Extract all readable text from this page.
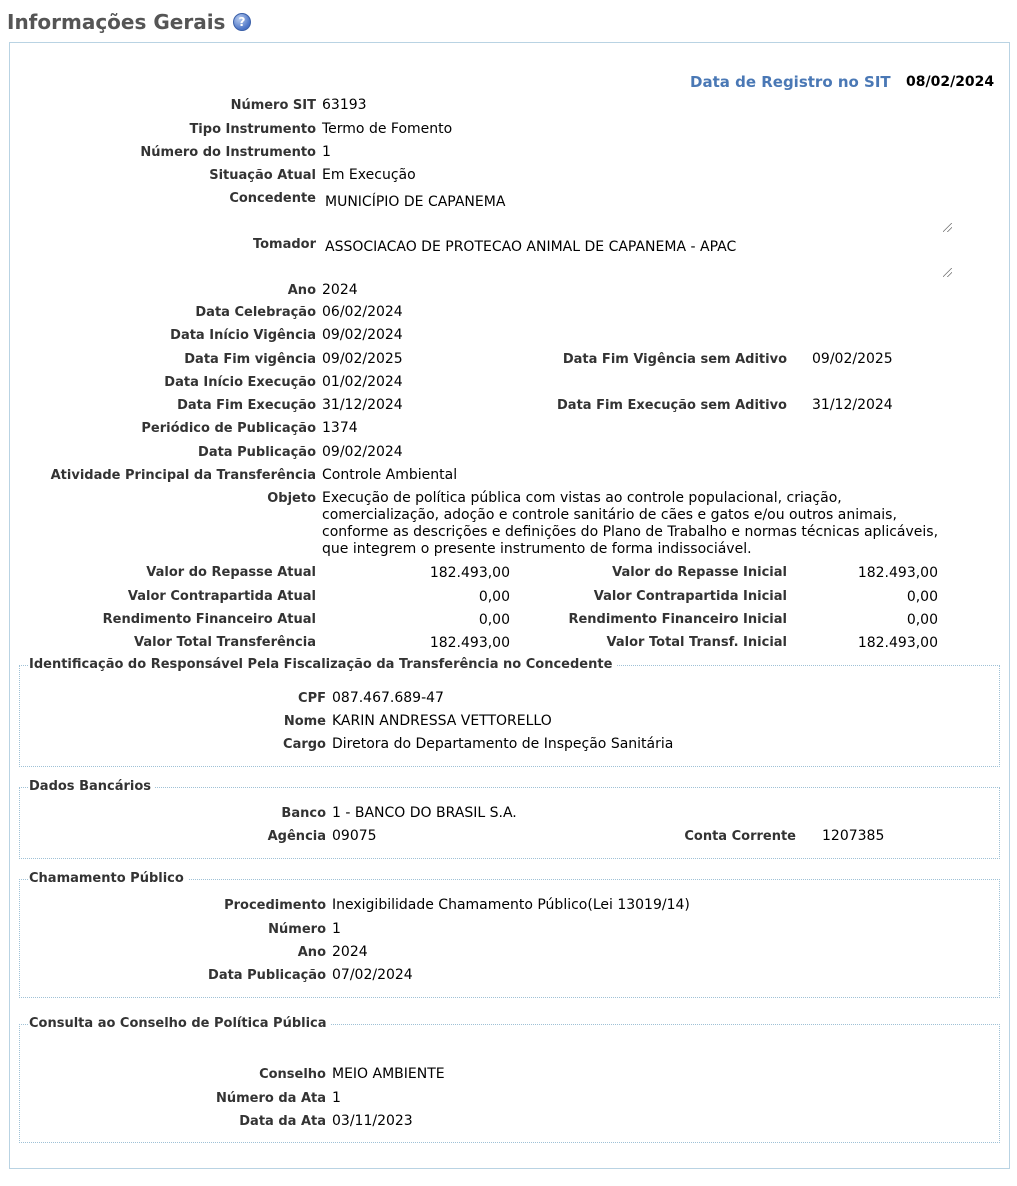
Informações Gerais	?
Data de Registro no SIT 08/02/2024
Número SIT 63193
Tipo Instrumento Termo de Fomento
Número do Instrumento 1
Situação Atual Em Execução
Concedente MUNICÍPIO DE CAPANEMA
Tomador ASSOCIACAO DE PROTECAO ANIMAL DE CAPANEMA - APAC
Ano 2024
Data Celebração 06/02/2024
Data Início Vigência 09/02/2024
Data Fim vigência 09/02/2025	Data Fim Vigência sem Aditivo 09/02/2025
Data Início Execução 01/02/2024
Data Fim Execução 31/12/2024	Data Fim Execução sem Aditivo 31/12/2024
Periódico de Publicação 1374
Data Publicação 09/02/2024
Atividade Principal da Transferência Controle Ambiental
Objeto Execução de política pública com vistas ao controle populacional, criação, comercialização, adoção e controle sanitário de cães e gatos e/ou outros animais, conforme as descrições e definições do Plano de Trabalho e normas técnicas aplicáveis, que integrem o presente instrumento de forma indissociável.
Valor do Repasse Atual	182.493,00	Valor do Repasse Inicial	182.493,00
Valor Contrapartida Atual	0,00	Valor Contrapartida Inicial	0,00
Rendimento Financeiro Atual	0,00	Rendimento Financeiro Inicial	0,00
Valor Total Transferência	182.493,00	Valor Total Transf. Inicial	182.493,00
Identificação do Responsável Pela Fiscalização da Transferência no Concedente
CPF 087.467.689-47
Nome KARIN ANDRESSA VETTORELLO
Cargo Diretora do Departamento de Inspeção Sanitária
Dados Bancários
Banco 1 - BANCO DO BRASIL S.A.
Agência 09075	Conta Corrente 1207385
Chamamento Público
Procedimento Inexigibilidade Chamamento Público(Lei 13019/14)
Número 1
Ano 2024
Data Publicação 07/02/2024
Consulta ao Conselho de Política Pública
Conselho MEIO AMBIENTE
Número da Ata 1
Data da Ata 03/11/2023
